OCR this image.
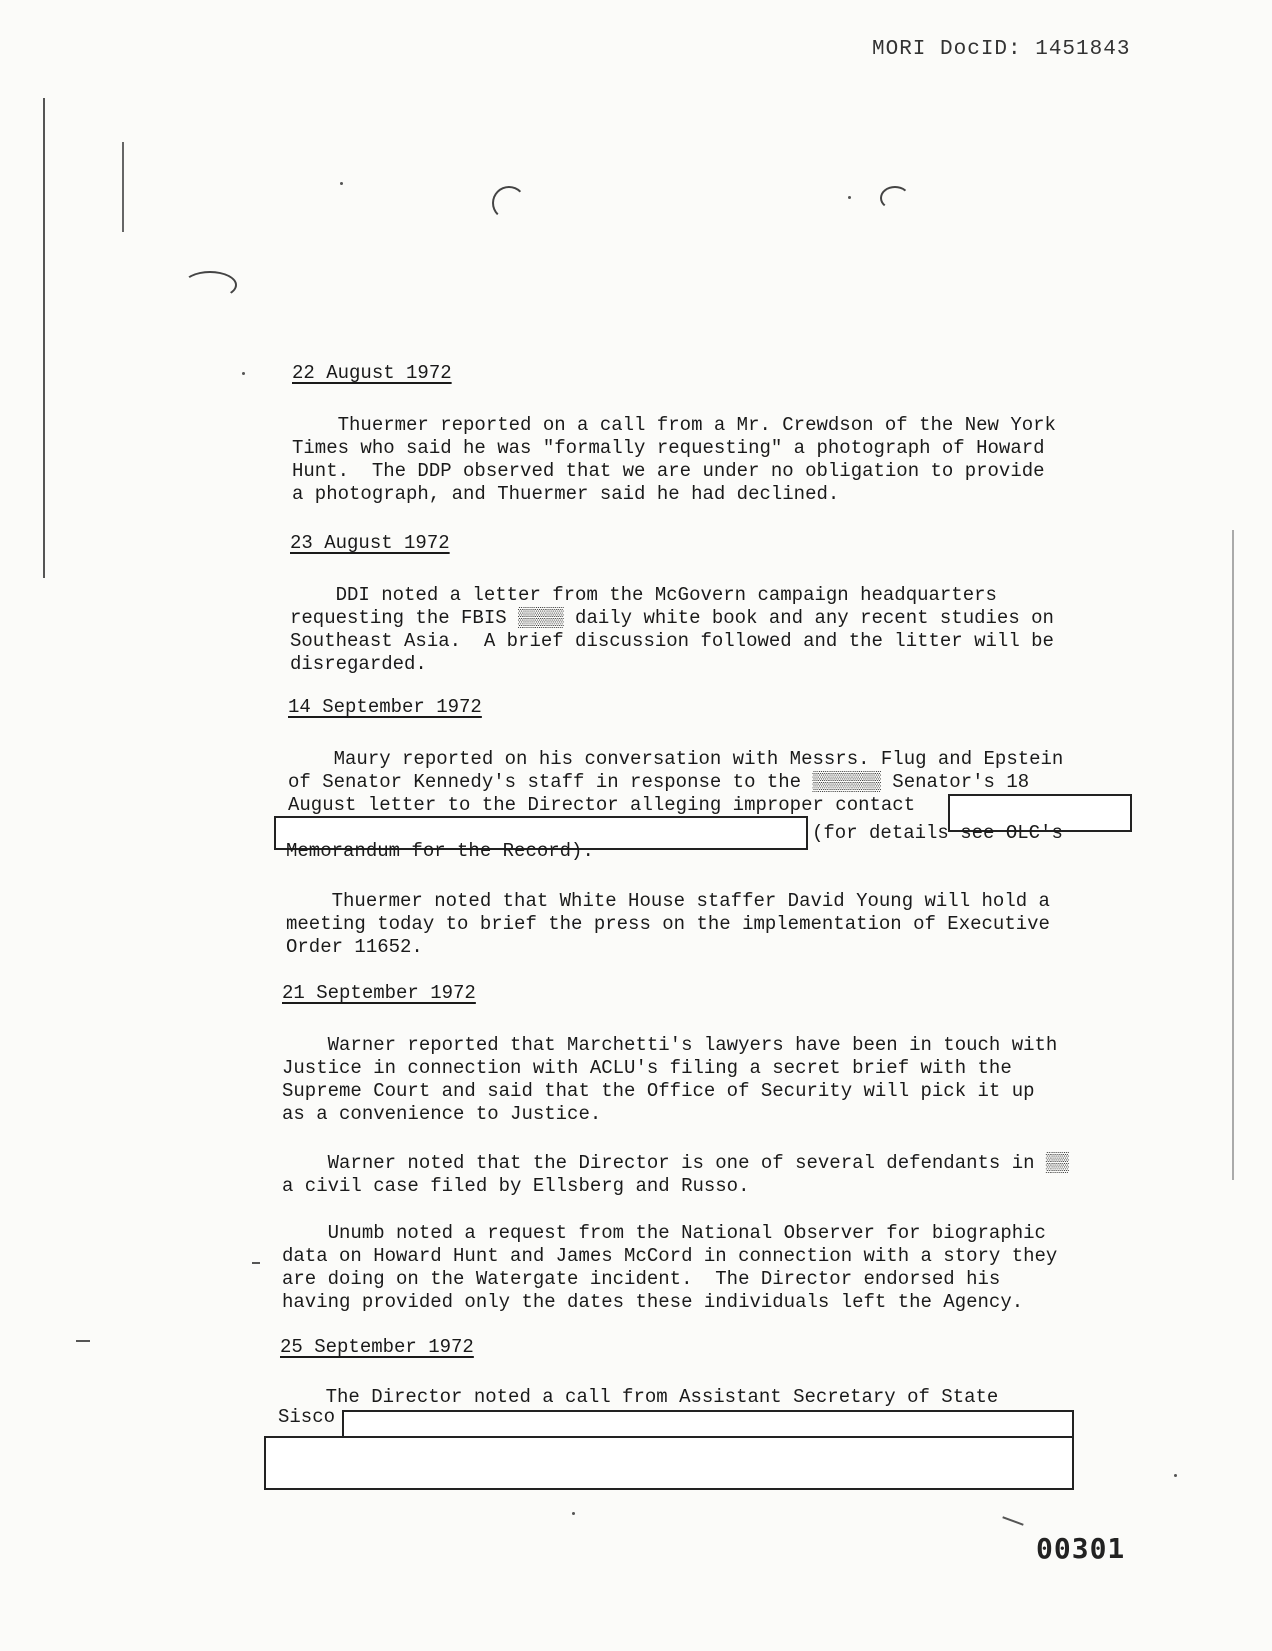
MORI DocID: 1451843
22 August 1972
Thuermer reported on a call from a Mr. Crewdson of the New York
Times who said he was "formally requesting" a photograph of Howard
Hunt.  The DDP observed that we are under no obligation to provide
a photograph, and Thuermer said he had declined.
23 August 1972
DDI noted a letter from the McGovern campaign headquarters
requesting the FBIS ▒▒▒▒ daily white book and any recent studies on
Southeast Asia.  A brief discussion followed and the litter will be
disregarded.
14 September 1972
Maury reported on his conversation with Messrs. Flug and Epstein
of Senator Kennedy's staff in response to the ▒▒▒▒▒▒ Senator's 18
August letter to the Director alleging improper contact
(for details see OLC's
Memorandum for the Record).
Thuermer noted that White House staffer David Young will hold a
meeting today to brief the press on the implementation of Executive
Order 11652.
21 September 1972
Warner reported that Marchetti's lawyers have been in touch with
Justice in connection with ACLU's filing a secret brief with the
Supreme Court and said that the Office of Security will pick it up
as a convenience to Justice.
Warner noted that the Director is one of several defendants in ▒▒
a civil case filed by Ellsberg and Russo.
Unumb noted a request from the National Observer for biographic
data on Howard Hunt and James McCord in connection with a story they
are doing on the Watergate incident.  The Director endorsed his
having provided only the dates these individuals left the Agency.
25 September 1972
The Director noted a call from Assistant Secretary of State
Sisco
00301
